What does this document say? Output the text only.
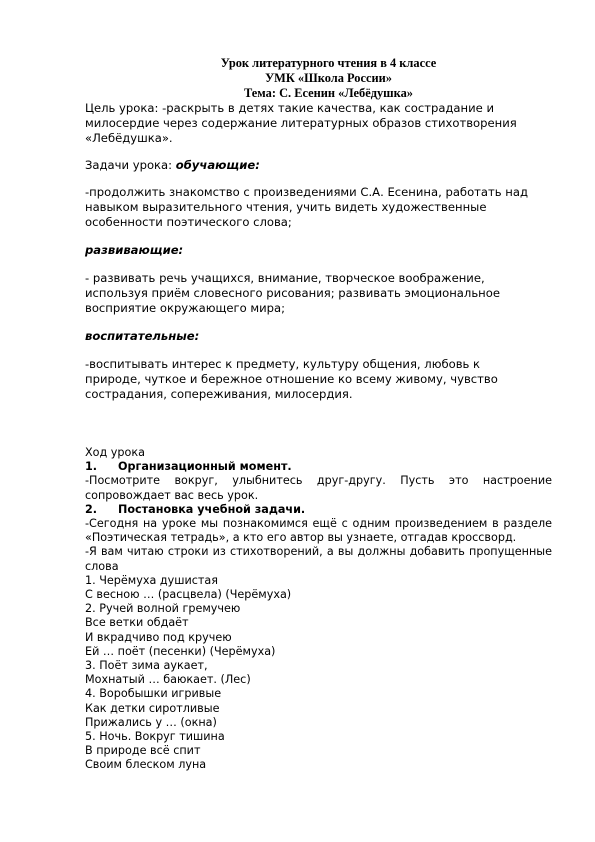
Урок литературного чтения в 4 классе
УМК «Школа России»
Тема: С. Есенин «Лебёдушка»

Цель урока: -раскрыть в детях такие качества, как сострадание и

милосердие через содержание литературных образов стихотворения

«Лебёдушка».

Задачи урока: обучающие:

-продолжить знакомство с произведениями С.А. Есенина, работать над

навыком выразительного чтения, учить видеть художественные

особенности поэтического слова;

развивающие:

- развивать речь учащихся, внимание, творческое воображение,

используя приём словесного рисования; развивать эмоциональное

восприятие окружающего мира;

воспитательные:

-воспитывать интерес к предмету, культуру общения, любовь к

природе, чуткое и бережное отношение ко всему живому, чувство

сострадания, сопереживания, милосердия.

Ход урока
1. Организационный момент.
-Посмотрите вокруг, улыбнитесь друг-другу. Пусть это настроение сопровождает вас весь урок.
2. Постановка учебной задачи.
-Сегодня на уроке мы познакомимся ещё с одним произведением в разделе «Поэтическая тетрадь», а кто его автор вы узнаете, отгадав кроссворд.
-Я вам читаю строки из стихотворений, а вы должны добавить пропущенные слова
1. Черёмуха душистая
С весною … (расцвела) (Черёмуха)
2. Ручей волной гремучею
Все ветки обдаёт
И вкрадчиво под кручею
Ей … поёт (песенки) (Черёмуха)
3. Поёт зима аукает,
Мохнатый … баюкает. (Лес)
4. Воробышки игривые
Как детки сиротливые
Прижались у … (окна)
5. Ночь. Вокруг тишина
В природе всё спит
Своим блеском луна
